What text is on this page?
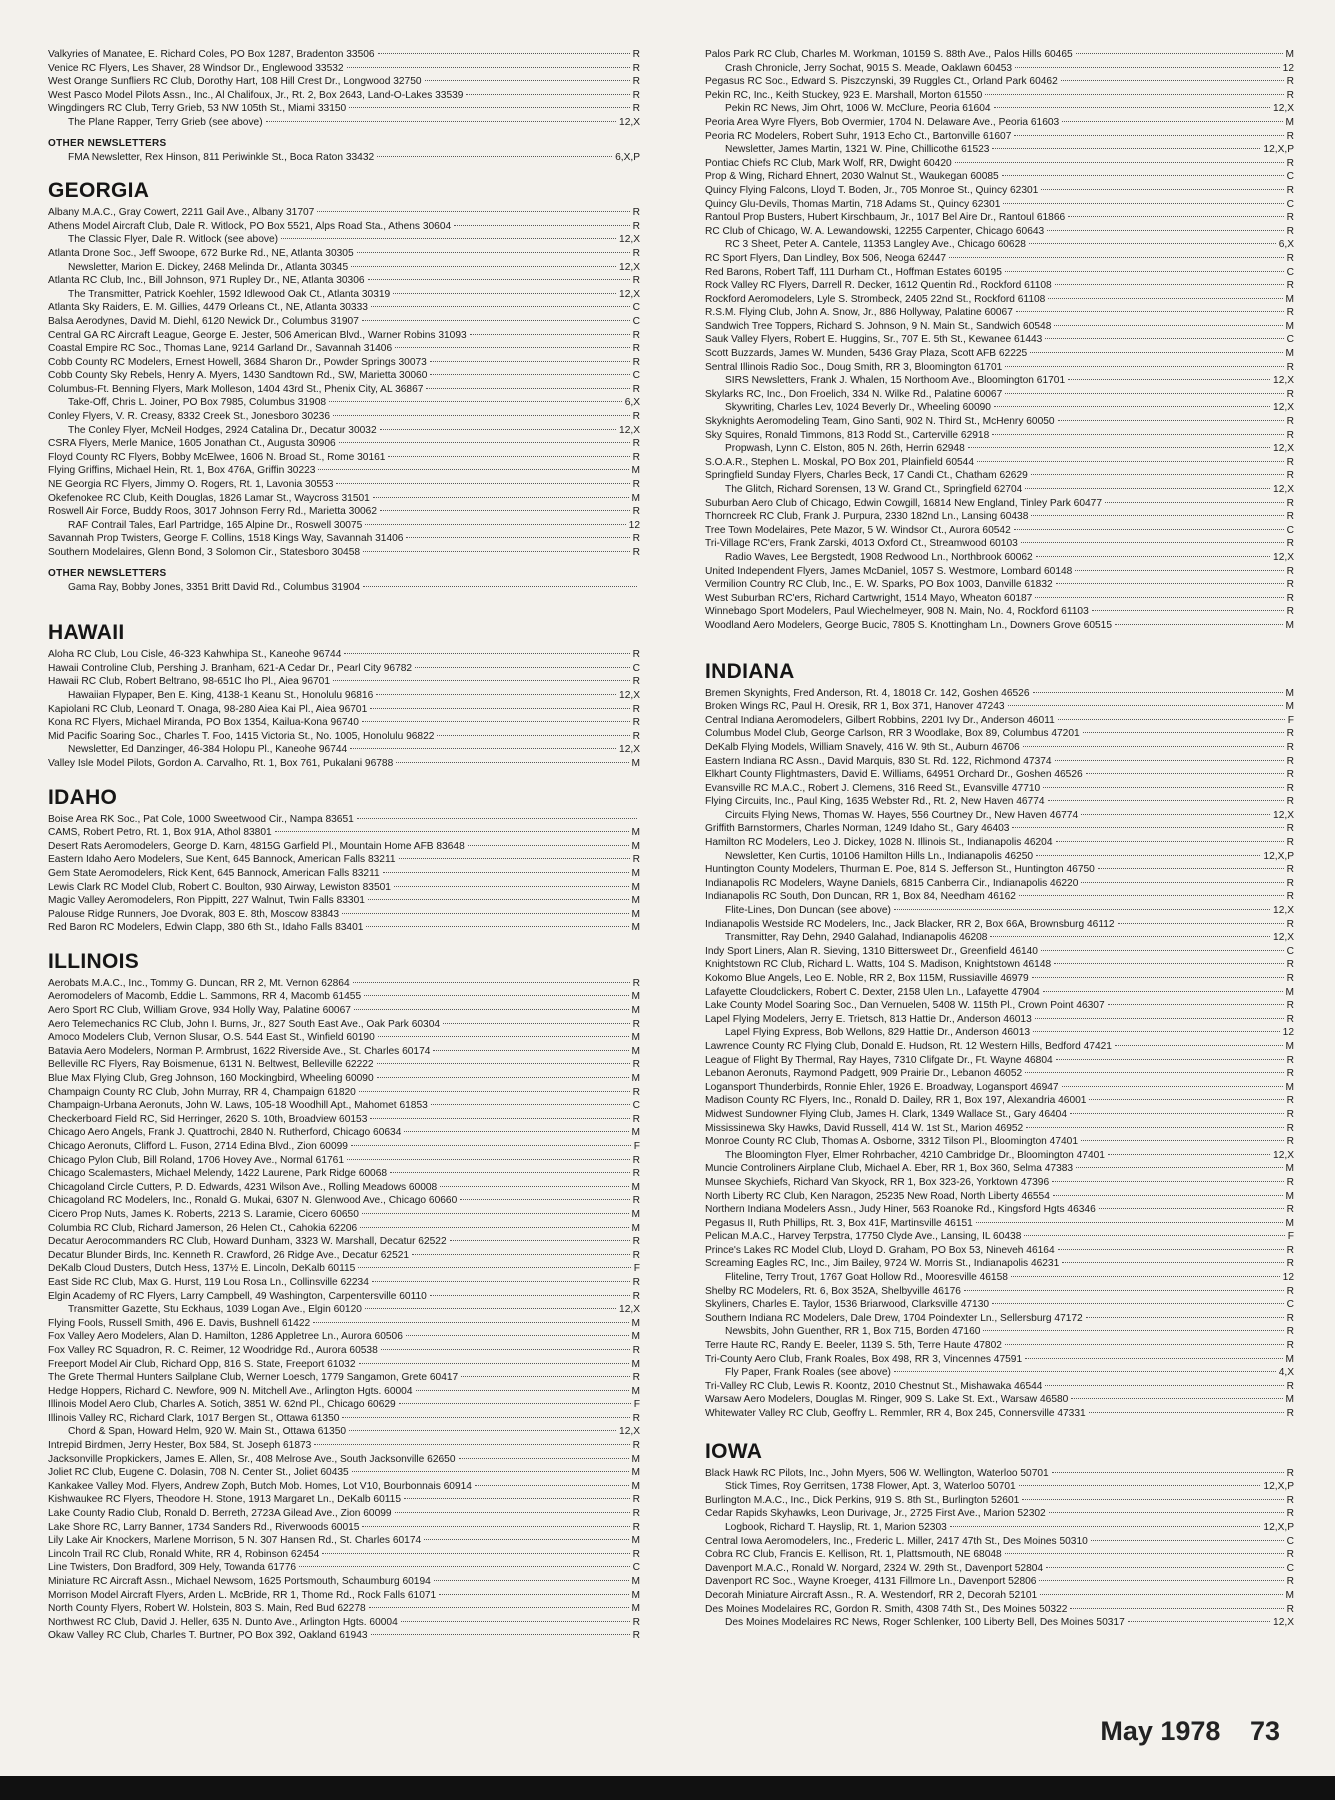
Valkyries of Manatee, E. Richard Coles, PO Box 1287, Bradenton 33506	R
Venice RC Flyers, Les Shaver, 28 Windsor Dr., Englewood 33532	R
West Orange Sunfliers RC Club, Dorothy Hart, 108 Hill Crest Dr., Longwood 32750	R
West Pasco Model Pilots Assn., Inc., Al Chalifoux, Jr., Rt. 2, Box 2643, Land-O-Lakes 33539	R
Wingdingers RC Club, Terry Grieb, 53 NW 105th St., Miami 33150	R
The Plane Rapper, Terry Grieb (see above)	12,X
OTHER NEWSLETTERS
FMA Newsletter, Rex Hinson, 811 Periwinkle St., Boca Raton 33432	6,X,P
GEORGIA
Albany M.A.C., Gray Cowert, 2211 Gail Ave., Albany 31707	R
Athens Model Aircraft Club, Dale R. Witlock, PO Box 5521, Alps Road Sta., Athens 30604	R
The Classic Flyer, Dale R. Witlock (see above)	12,X
Atlanta Drone Soc., Jeff Swoope, 672 Burke Rd., NE, Atlanta 30305	R
Newsletter, Marion E. Dickey, 2468 Melinda Dr., Atlanta 30345	12,X
Atlanta RC Club, Inc., Bill Johnson, 971 Rupley Dr., NE, Atlanta 30306	R
The Transmitter, Patrick Koehler, 1592 Idlewood Oak Ct., Atlanta 30319	12,X
Atlanta Sky Raiders, E. M. Gillies, 4479 Orleans Ct., NE, Atlanta 30333	C
Balsa Aerodynes, David M. Diehl, 6120 Newick Dr., Columbus 31907	C
Central GA RC Aircraft League, George E. Jester, 506 American Blvd., Warner Robins 31093	R
Coastal Empire RC Soc., Thomas Lane, 9214 Garland Dr., Savannah 31406	R
Cobb County RC Modelers, Ernest Howell, 3684 Sharon Dr., Powder Springs 30073	R
Cobb County Sky Rebels, Henry A. Myers, 1430 Sandtown Rd., SW, Marietta 30060	C
Columbus-Ft. Benning Flyers, Mark Molleson, 1404 43rd St., Phenix City, AL 36867	R
Take-Off, Chris L. Joiner, PO Box 7985, Columbus 31908	6,X
Conley Flyers, V. R. Creasy, 8332 Creek St., Jonesboro 30236	R
The Conley Flyer, McNeil Hodges, 2924 Catalina Dr., Decatur 30032	12,X
CSRA Flyers, Merle Manice, 1605 Jonathan Ct., Augusta 30906	R
Floyd County RC Flyers, Bobby McElwee, 1606 N. Broad St., Rome 30161	R
Flying Griffins, Michael Hein, Rt. 1, Box 476A, Griffin 30223	M
NE Georgia RC Flyers, Jimmy O. Rogers, Rt. 1, Lavonia 30553	R
Okefenokee RC Club, Keith Douglas, 1826 Lamar St., Waycross 31501	M
Roswell Air Force, Buddy Roos, 3017 Johnson Ferry Rd., Marietta 30062	R
RAF Contrail Tales, Earl Partridge, 165 Alpine Dr., Roswell 30075	12
Savannah Prop Twisters, George F. Collins, 1518 Kings Way, Savannah 31406	R
Southern Modelaires, Glenn Bond, 3 Solomon Cir., Statesboro 30458	R
OTHER NEWSLETTERS
Gama Ray, Bobby Jones, 3351 Britt David Rd., Columbus 31904
HAWAII
Aloha RC Club, Lou Cisle, 46-323 Kahwhipa St., Kaneohe 96744	R
Hawaii Controline Club, Pershing J. Branham, 621-A Cedar Dr., Pearl City 96782	C
Hawaii RC Club, Robert Beltrano, 98-651C Iho Pl., Aiea 96701	R
Hawaiian Flypaper, Ben E. King, 4138-1 Keanu St., Honolulu 96816	12,X
Kapiolani RC Club, Leonard T. Onaga, 98-280 Aiea Kai Pl., Aiea 96701	R
Kona RC Flyers, Michael Miranda, PO Box 1354, Kailua-Kona 96740	R
Mid Pacific Soaring Soc., Charles T. Foo, 1415 Victoria St., No. 1005, Honolulu 96822	R
Newsletter, Ed Danzinger, 46-384 Holopu Pl., Kaneohe 96744	12,X
Valley Isle Model Pilots, Gordon A. Carvalho, Rt. 1, Box 761, Pukalani 96788	M
IDAHO
Boise Area RK Soc., Pat Cole, 1000 Sweetwood Cir., Nampa 83651
CAMS, Robert Petro, Rt. 1, Box 91A, Athol 83801	M
Desert Rats Aeromodelers, George D. Karn, 4815G Garfield Pl., Mountain Home AFB 83648	M
Eastern Idaho Aero Modelers, Sue Kent, 645 Bannock, American Falls 83211	R
Gem State Aeromodelers, Rick Kent, 645 Bannock, American Falls 83211	M
Lewis Clark RC Model Club, Robert C. Boulton, 930 Airway, Lewiston 83501	M
Magic Valley Aeromodelers, Ron Pippitt, 227 Walnut, Twin Falls 83301	M
Palouse Ridge Runners, Joe Dvorak, 803 E. 8th, Moscow 83843	M
Red Baron RC Modelers, Edwin Clapp, 380 6th St., Idaho Falls 83401	M
ILLINOIS
Aerobats M.A.C., Inc., Tommy G. Duncan, RR 2, Mt. Vernon 62864	R
Aeromodelers of Macomb, Eddie L. Sammons, RR 4, Macomb 61455	M
Aero Sport RC Club, William Grove, 934 Holly Way, Palatine 60067	M
Aero Telemechanics RC Club, John I. Burns, Jr., 827 South East Ave., Oak Park 60304	R
Amoco Modelers Club, Vernon Slusar, O.S. 544 East St., Winfield 60190	M
Batavia Aero Modelers, Norman P. Armbrust, 1622 Riverside Ave., St. Charles 60174	M
Belleville RC Flyers, Ray Boismenue, 6131 N. Beltwest, Belleville 62222	R
Blue Max Flying Club, Greg Johnson, 160 Mockingbird, Wheeling 60090	M
Champaign County RC Club, John Murray, RR 4, Champaign 61820	R
Champaign-Urbana Aeronuts, John W. Laws, 105-18 Woodhill Apt., Mahomet 61853	C
Checkerboard Field RC, Sid Herringer, 2620 S. 10th, Broadview 60153	R
Chicago Aero Angels, Frank J. Quattrochi, 2840 N. Rutherford, Chicago 60634	M
Chicago Aeronuts, Clifford L. Fuson, 2714 Edina Blvd., Zion 60099	F
Chicago Pylon Club, Bill Roland, 1706 Hovey Ave., Normal 61761	R
Chicago Scalemasters, Michael Melendy, 1422 Laurene, Park Ridge 60068	R
Chicagoland Circle Cutters, P. D. Edwards, 4231 Wilson Ave., Rolling Meadows 60008	M
Chicagoland RC Modelers, Inc., Ronald G. Mukai, 6307 N. Glenwood Ave., Chicago 60660	R
Cicero Prop Nuts, James K. Roberts, 2213 S. Laramie, Cicero 60650	M
Columbia RC Club, Richard Jamerson, 26 Helen Ct., Cahokia 62206	M
Decatur Aerocommanders RC Club, Howard Dunham, 3323 W. Marshall, Decatur 62522	R
Decatur Blunder Birds, Inc. Kenneth R. Crawford, 26 Ridge Ave., Decatur 62521	R
DeKalb Cloud Dusters, Dutch Hess, 137½ E. Lincoln, DeKalb 60115	F
East Side RC Club, Max G. Hurst, 119 Lou Rosa Ln., Collinsville 62234	R
Elgin Academy of RC Flyers, Larry Campbell, 49 Washington, Carpentersville 60110	R
Transmitter Gazette, Stu Eckhaus, 1039 Logan Ave., Elgin 60120	12,X
Flying Fools, Russell Smith, 496 E. Davis, Bushnell 61422	M
Fox Valley Aero Modelers, Alan D. Hamilton, 1286 Appletree Ln., Aurora 60506	M
Fox Valley RC Squadron, R. C. Reimer, 12 Woodridge Rd., Aurora 60538	R
Freeport Model Air Club, Richard Opp, 816 S. State, Freeport 61032	M
The Grete Thermal Hunters Sailplane Club, Werner Loesch, 1779 Sangamon, Grete 60417	R
Hedge Hoppers, Richard C. Newfore, 909 N. Mitchell Ave., Arlington Hgts. 60004	M
Illinois Model Aero Club, Charles A. Sotich, 3851 W. 62nd Pl., Chicago 60629	F
Illinois Valley RC, Richard Clark, 1017 Bergen St., Ottawa 61350	R
Chord & Span, Howard Helm, 920 W. Main St., Ottawa 61350	12,X
Intrepid Birdmen, Jerry Hester, Box 584, St. Joseph 61873	R
Jacksonville Propkickers, James E. Allen, Sr., 408 Melrose Ave., South Jacksonville 62650	M
Joliet RC Club, Eugene C. Dolasin, 708 N. Center St., Joliet 60435	M
Kankakee Valley Mod. Flyers, Andrew Zoph, Butch Mob. Homes, Lot V10, Bourbonnais 60914	M
Kishwaukee RC Flyers, Theodore H. Stone, 1913 Margaret Ln., DeKalb 60115	R
Lake County Radio Club, Ronald D. Berreth, 2723A Gilead Ave., Zion 60099	R
Lake Shore RC, Larry Banner, 1734 Sanders Rd., Riverwoods 60015	R
Lily Lake Air Knockers, Marlene Morrison, 5 N. 307 Hansen Rd., St. Charles 60174	M
Lincoln Trail RC Club, Ronald White, RR 4, Robinson 62454	R
Line Twisters, Don Bradford, 309 Hely, Towanda 61776	C
Miniature RC Aircraft Assn., Michael Newsom, 1625 Portsmouth, Schaumburg 60194	M
Morrison Model Aircraft Flyers, Arden L. McBride, RR 1, Thome Rd., Rock Falls 61071	M
North County Flyers, Robert W. Holstein, 803 S. Main, Red Bud 62278	M
Northwest RC Club, David J. Heller, 635 N. Dunto Ave., Arlington Hgts. 60004	R
Okaw Valley RC Club, Charles T. Burtner, PO Box 392, Oakland 61943	R
Palos Park RC Club, Charles M. Workman, 10159 S. 88th Ave., Palos Hills 60465	M
Crash Chronicle, Jerry Sochat, 9015 S. Meade, Oaklawn 60453	12
Pegasus RC Soc., Edward S. Piszczynski, 39 Ruggles Ct., Orland Park 60462	R
Pekin RC, Inc., Keith Stuckey, 923 E. Marshall, Morton 61550	R
Pekin RC News, Jim Ohrt, 1006 W. McClure, Peoria 61604	12,X
Peoria Area Wyre Flyers, Bob Overmier, 1704 N. Delaware Ave., Peoria 61603	M
Peoria RC Modelers, Robert Suhr, 1913 Echo Ct., Bartonville 61607	R
Newsletter, James Martin, 1321 W. Pine, Chillicothe 61523	12,X,P
Pontiac Chiefs RC Club, Mark Wolf, RR, Dwight 60420	R
Prop & Wing, Richard Ehnert, 2030 Walnut St., Waukegan 60085	C
Quincy Flying Falcons, Lloyd T. Boden, Jr., 705 Monroe St., Quincy 62301	R
Quincy Glu-Devils, Thomas Martin, 718 Adams St., Quincy 62301	C
Rantoul Prop Busters, Hubert Kirschbaum, Jr., 1017 Bel Aire Dr., Rantoul 61866	R
RC Club of Chicago, W. A. Lewandowski, 12255 Carpenter, Chicago 60643	R
RC 3 Sheet, Peter A. Cantele, 11353 Langley Ave., Chicago 60628	6,X
RC Sport Flyers, Dan Lindley, Box 506, Neoga 62447	R
Red Barons, Robert Taff, 111 Durham Ct., Hoffman Estates 60195	C
Rock Valley RC Flyers, Darrell R. Decker, 1612 Quentin Rd., Rockford 61108	R
Rockford Aeromodelers, Lyle S. Strombeck, 2405 22nd St., Rockford 61108	M
R.S.M. Flying Club, John A. Snow, Jr., 886 Hollyway, Palatine 60067	R
Sandwich Tree Toppers, Richard S. Johnson, 9 N. Main St., Sandwich 60548	M
Sauk Valley Flyers, Robert E. Huggins, Sr., 707 E. 5th St., Kewanee 61443	C
Scott Buzzards, James W. Munden, 5436 Gray Plaza, Scott AFB 62225	M
Sentral Illinois Radio Soc., Doug Smith, RR 3, Bloomington 61701	R
SIRS Newsletters, Frank J. Whalen, 15 Northoom Ave., Bloomington 61701	12,X
Skylarks RC, Inc., Don Froelich, 334 N. Wilke Rd., Palatine 60067	R
Skywriting, Charles Lev, 1024 Beverly Dr., Wheeling 60090	12,X
Skyknights Aeromodeling Team, Gino Santi, 902 N. Third St., McHenry 60050	R
Sky Squires, Ronald Timmons, 813 Rodd St., Carterville 62918	R
Propwash, Lynn C. Elston, 805 N. 26th, Herrin 62948	12,X
S.O.A.R., Stephen L. Moskal, PO Box 201, Plainfield 60544	R
Springfield Sunday Flyers, Charles Beck, 17 Candi Ct., Chatham 62629	R
The Glitch, Richard Sorensen, 13 W. Grand Ct., Springfield 62704	12,X
Suburban Aero Club of Chicago, Edwin Cowgill, 16814 New England, Tinley Park 60477	R
Thorncreek RC Club, Frank J. Purpura, 2330 182nd Ln., Lansing 60438	R
Tree Town Modelaires, Pete Mazor, 5 W. Windsor Ct., Aurora 60542	C
Tri-Village RC'ers, Frank Zarski, 4013 Oxford Ct., Streamwood 60103	R
Radio Waves, Lee Bergstedt, 1908 Redwood Ln., Northbrook 60062	12,X
United Independent Flyers, James McDaniel, 1057 S. Westmore, Lombard 60148	R
Vermilion Country RC Club, Inc., E. W. Sparks, PO Box 1003, Danville 61832	R
West Suburban RC'ers, Richard Cartwright, 1514 Mayo, Wheaton 60187	R
Winnebago Sport Modelers, Paul Wiechelmeyer, 908 N. Main, No. 4, Rockford 61103	R
Woodland Aero Modelers, George Bucic, 7805 S. Knottingham Ln., Downers Grove 60515	M
INDIANA
Bremen Skynights, Fred Anderson, Rt. 4, 18018 Cr. 142, Goshen 46526	M
Broken Wings RC, Paul H. Oresik, RR 1, Box 371, Hanover 47243	M
Central Indiana Aeromodelers, Gilbert Robbins, 2201 Ivy Dr., Anderson 46011	F
Columbus Model Club, George Carlson, RR 3 Woodlake, Box 89, Columbus 47201	R
DeKalb Flying Models, William Snavely, 416 W. 9th St., Auburn 46706	R
Eastern Indiana RC Assn., David Marquis, 830 St. Rd. 122, Richmond 47374	R
Elkhart County Flightmasters, David E. Williams, 64951 Orchard Dr., Goshen 46526	R
Evansville RC M.A.C., Robert J. Clemens, 316 Reed St., Evansville 47710	R
Flying Circuits, Inc., Paul King, 1635 Webster Rd., Rt. 2, New Haven 46774	R
Circuits Flying News, Thomas W. Hayes, 556 Courtney Dr., New Haven 46774	12,X
Griffith Barnstormers, Charles Norman, 1249 Idaho St., Gary 46403	R
Hamilton RC Modelers, Leo J. Dickey, 1028 N. Illinois St., Indianapolis 46204	R
Newsletter, Ken Curtis, 10106 Hamilton Hills Ln., Indianapolis 46250	12,X,P
Huntington County Modelers, Thurman E. Poe, 814 S. Jefferson St., Huntington 46750	R
Indianapolis RC Modelers, Wayne Daniels, 6815 Canberra Cir., Indianapolis 46220	R
Indianapolis RC South, Don Duncan, RR 1, Box 84, Needham 46162	R
Flite-Lines, Don Duncan (see above)	12,X
Indianapolis Westside RC Modelers, Inc., Jack Blacker, RR 2, Box 66A, Brownsburg 46112	R
Transmitter, Ray Dehn, 2940 Galahad, Indianapolis 46208	12,X
Indy Sport Liners, Alan R. Sieving, 1310 Bittersweet Dr., Greenfield 46140	C
Knightstown RC Club, Richard L. Watts, 104 S. Madison, Knightstown 46148	R
Kokomo Blue Angels, Leo E. Noble, RR 2, Box 115M, Russiaville 46979	R
Lafayette Cloudclickers, Robert C. Dexter, 2158 Ulen Ln., Lafayette 47904	M
Lake County Model Soaring Soc., Dan Vernuelen, 5408 W. 115th Pl., Crown Point 46307	R
Lapel Flying Modelers, Jerry E. Trietsch, 813 Hattie Dr., Anderson 46013	R
Lapel Flying Express, Bob Wellons, 829 Hattie Dr., Anderson 46013	12
Lawrence County RC Flying Club, Donald E. Hudson, Rt. 12 Western Hills, Bedford 47421	M
League of Flight By Thermal, Ray Hayes, 7310 Clifgate Dr., Ft. Wayne 46804	R
Lebanon Aeronuts, Raymond Padgett, 909 Prairie Dr., Lebanon 46052	R
Logansport Thunderbirds, Ronnie Ehler, 1926 E. Broadway, Logansport 46947	M
Madison County RC Flyers, Inc., Ronald D. Dailey, RR 1, Box 197, Alexandria 46001	R
Midwest Sundowner Flying Club, James H. Clark, 1349 Wallace St., Gary 46404	R
Mississinewa Sky Hawks, David Russell, 414 W. 1st St., Marion 46952	R
Monroe County RC Club, Thomas A. Osborne, 3312 Tilson Pl., Bloomington 47401	R
The Bloomington Flyer, Elmer Rohrbacher, 4210 Cambridge Dr., Bloomington 47401	12,X
Muncie Controliners Airplane Club, Michael A. Eber, RR 1, Box 360, Selma 47383	M
Munsee Skychiefs, Richard Van Skyock, RR 1, Box 323-26, Yorktown 47396	R
North Liberty RC Club, Ken Naragon, 25235 New Road, North Liberty 46554	M
Northern Indiana Modelers Assn., Judy Hiner, 563 Roanoke Rd., Kingsford Hgts 46346	R
Pegasus II, Ruth Phillips, Rt. 3, Box 41F, Martinsville 46151	M
Pelican M.A.C., Harvey Terpstra, 17750 Clyde Ave., Lansing, IL 60438	F
Prince's Lakes RC Model Club, Lloyd D. Graham, PO Box 53, Nineveh 46164	R
Screaming Eagles RC, Inc., Jim Bailey, 9724 W. Morris St., Indianapolis 46231	R
Fliteline, Terry Trout, 1767 Goat Hollow Rd., Mooresville 46158	12
Shelby RC Modelers, Rt. 6, Box 352A, Shelbyville 46176	R
Skyliners, Charles E. Taylor, 1536 Briarwood, Clarksville 47130	C
Southern Indiana RC Modelers, Dale Drew, 1704 Poindexter Ln., Sellersburg 47172	R
Newsbits, John Guenther, RR 1, Box 715, Borden 47160	R
Terre Haute RC, Randy E. Beeler, 1139 S. 5th, Terre Haute 47802	R
Tri-County Aero Club, Frank Roales, Box 498, RR 3, Vincennes 47591	M
Fly Paper, Frank Roales (see above)	4,X
Tri-Valley RC Club, Lewis R. Koontz, 2010 Chestnut St., Mishawaka 46544	R
Warsaw Aero Modelers, Douglas M. Ringer, 909 S. Lake St. Ext., Warsaw 46580	M
Whitewater Valley RC Club, Geoffry L. Remmler, RR 4, Box 245, Connersville 47331	R
IOWA
Black Hawk RC Pilots, Inc., John Myers, 506 W. Wellington, Waterloo 50701	R
Stick Times, Roy Gerritsen, 1738 Flower, Apt. 3, Waterloo 50701	12,X,P
Burlington M.A.C., Inc., Dick Perkins, 919 S. 8th St., Burlington 52601	R
Cedar Rapids Skyhawks, Leon Durivage, Jr., 2725 First Ave., Marion 52302	R
Logbook, Richard T. Hayslip, Rt. 1, Marion 52303	12,X,P
Central Iowa Aeromodelers, Inc., Frederic L. Miller, 2417 47th St., Des Moines 50310	C
Cobra RC Club, Francis E. Kellison, Rt. 1, Plattsmouth, NE 68048	R
Davenport M.A.C., Ronald W. Norgard, 2324 W. 29th St., Davenport 52804	C
Davenport RC Soc., Wayne Kroeger, 4131 Fillmore Ln., Davenport 52806	R
Decorah Miniature Aircraft Assn., R. A. Westendorf, RR 2, Decorah 52101	M
Des Moines Modelaires RC, Gordon R. Smith, 4308 74th St., Des Moines 50322	R
Des Moines Modelaires RC News, Roger Schlenker, 100 Liberty Bell, Des Moines 50317	12,X
May 1978 73
